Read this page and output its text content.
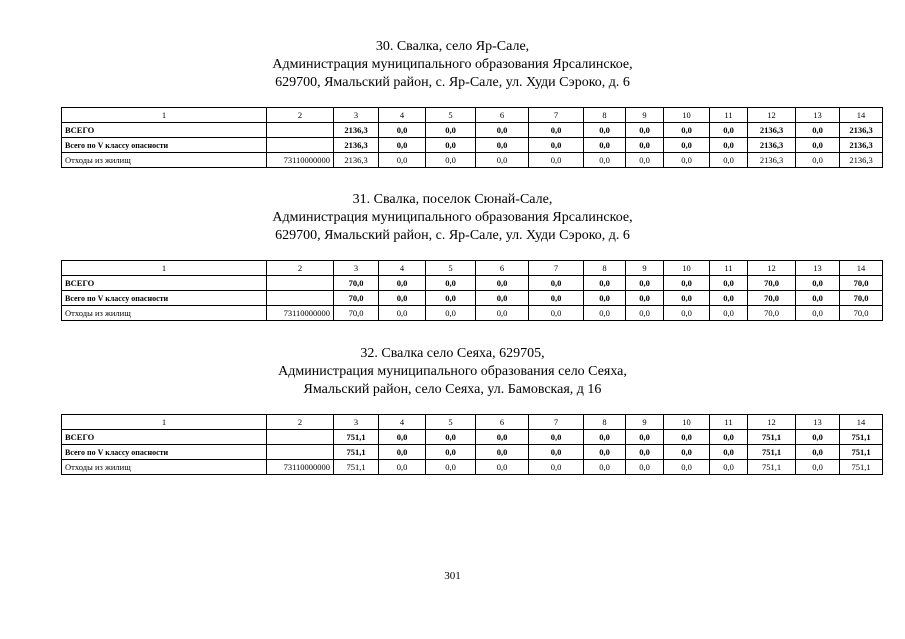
30. Свалка, село Яр-Сале,
Администрация муниципального образования Ярсалинское,
629700, Ямальский район, с. Яр-Сале, ул. Худи Сэроко, д. 6
1	2	3	4	5	6	7	8	9	10	11	12	13	14
ВСЕГО		2136,3	0,0	0,0	0,0	0,0	0,0	0,0	0,0	0,0	2136,3	0,0	2136,3
Всего по V классу опасности		2136,3	0,0	0,0	0,0	0,0	0,0	0,0	0,0	0,0	2136,3	0,0	2136,3
Отходы из жилищ	73110000000	2136,3	0,0	0,0	0,0	0,0	0,0	0,0	0,0	0,0	2136,3	0,0	2136,3
31. Свалка, поселок Сюнай-Сале,
Администрация муниципального образования Ярсалинское,
629700, Ямальский район, с. Яр-Сале, ул. Худи Сэроко, д. 6
1	2	3	4	5	6	7	8	9	10	11	12	13	14
ВСЕГО		70,0	0,0	0,0	0,0	0,0	0,0	0,0	0,0	0,0	70,0	0,0	70,0
Всего по V классу опасности		70,0	0,0	0,0	0,0	0,0	0,0	0,0	0,0	0,0	70,0	0,0	70,0
Отходы из жилищ	73110000000	70,0	0,0	0,0	0,0	0,0	0,0	0,0	0,0	0,0	70,0	0,0	70,0
32. Свалка село Сеяха, 629705,
Администрация муниципального образования село Сеяха,
Ямальский район, село Сеяха, ул. Бамовская, д 16
1	2	3	4	5	6	7	8	9	10	11	12	13	14
ВСЕГО		751,1	0,0	0,0	0,0	0,0	0,0	0,0	0,0	0,0	751,1	0,0	751,1
Всего по V классу опасности		751,1	0,0	0,0	0,0	0,0	0,0	0,0	0,0	0,0	751,1	0,0	751,1
Отходы из жилищ	73110000000	751,1	0,0	0,0	0,0	0,0	0,0	0,0	0,0	0,0	751,1	0,0	751,1
301
